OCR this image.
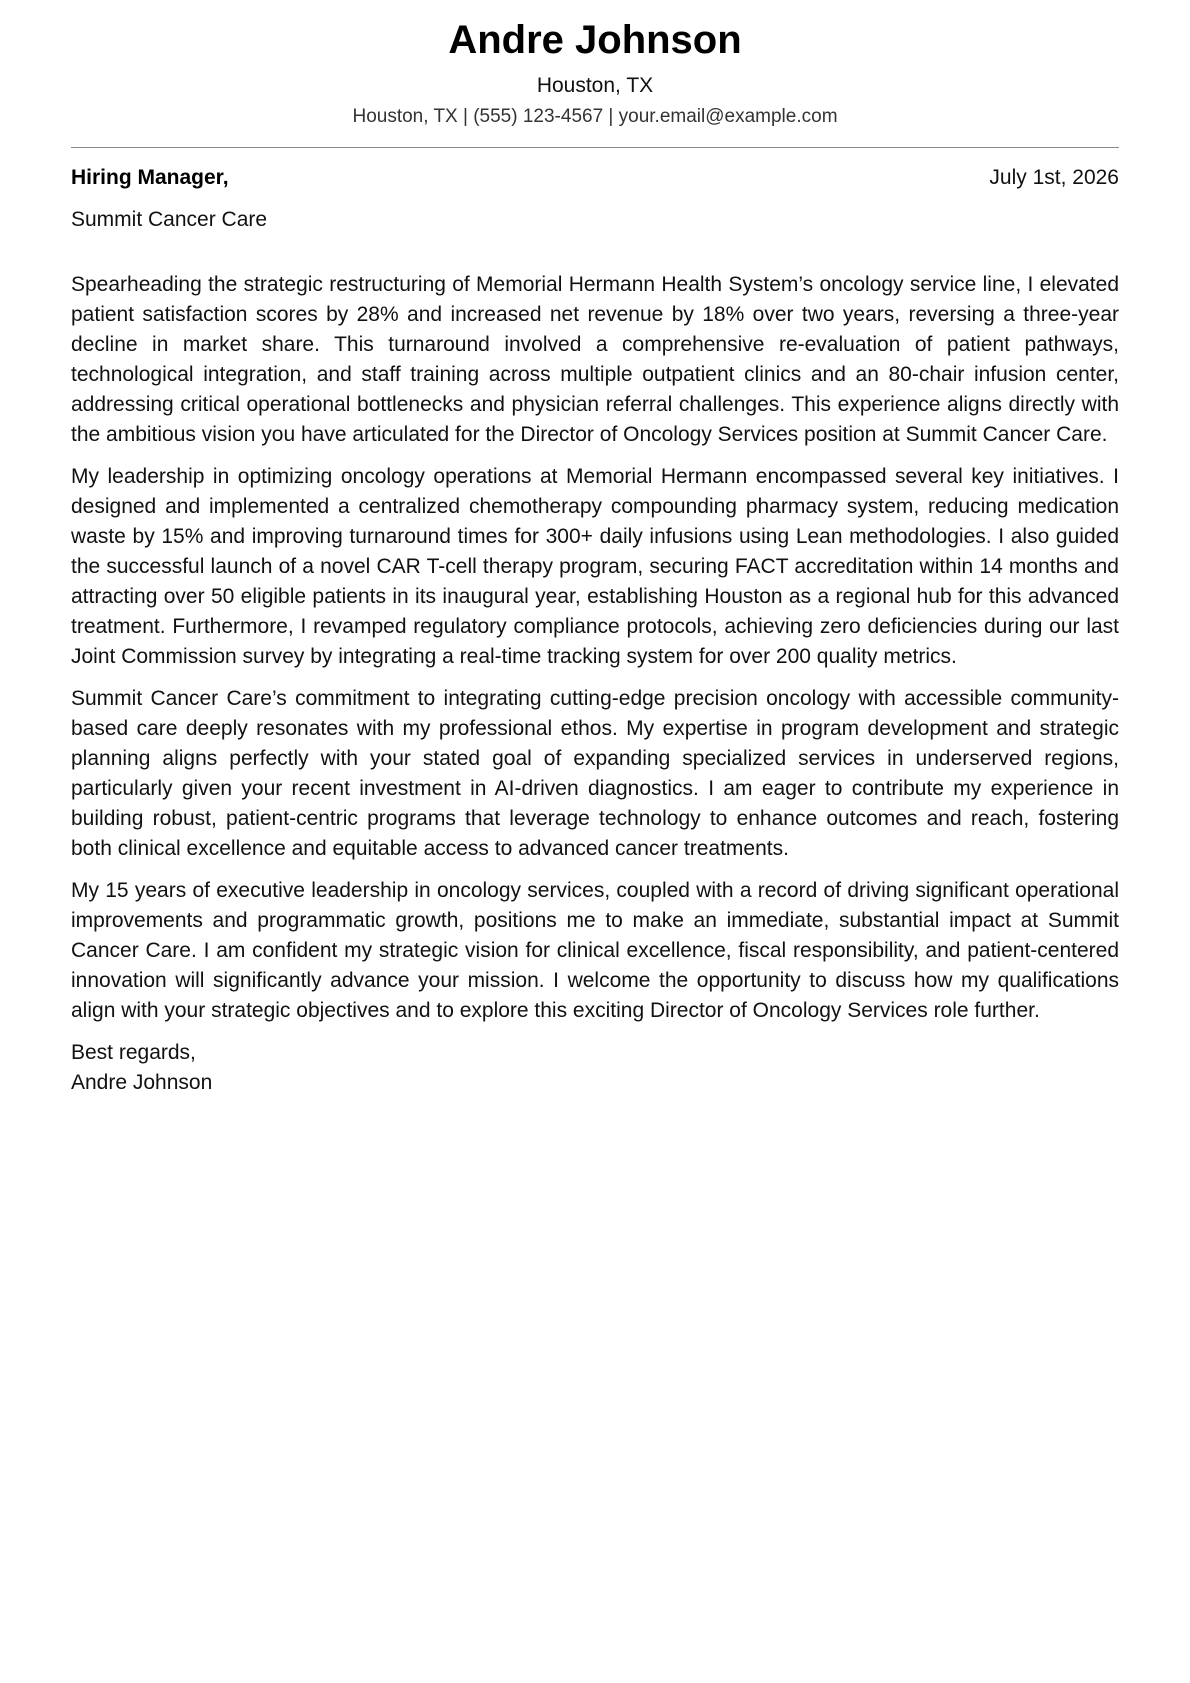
Andre Johnson
Houston, TX
Houston, TX | (555) 123-4567 | your.email@example.com
Hiring Manager,	July 1st, 2026
Summit Cancer Care

Spearheading the strategic restructuring of Memorial Hermann Health System’s oncology service line, I elevated patient satisfaction scores by 28% and increased net revenue by 18% over two years, reversing a three-year decline in market share. This turnaround involved a comprehensive re-evaluation of patient pathways, technological integration, and staff training across multiple outpatient clinics and an 80-chair infusion center, addressing critical operational bottlenecks and physician referral challenges. This experience aligns directly with the ambitious vision you have articulated for the Director of Oncology Services position at Summit Cancer Care.

My leadership in optimizing oncology operations at Memorial Hermann encompassed several key initiatives. I designed and implemented a centralized chemotherapy compounding pharmacy system, reducing medication waste by 15% and improving turnaround times for 300+ daily infusions using Lean methodologies. I also guided the successful launch of a novel CAR T-cell therapy program, securing FACT accreditation within 14 months and attracting over 50 eligible patients in its inaugural year, establishing Houston as a regional hub for this advanced treatment. Furthermore, I revamped regulatory compliance protocols, achieving zero deficiencies during our last Joint Commission survey by integrating a real-time tracking system for over 200 quality metrics.

Summit Cancer Care’s commitment to integrating cutting-edge precision oncology with accessible community-based care deeply resonates with my professional ethos. My expertise in program development and strategic planning aligns perfectly with your stated goal of expanding specialized services in underserved regions, particularly given your recent investment in AI-driven diagnostics. I am eager to contribute my experience in building robust, patient-centric programs that leverage technology to enhance outcomes and reach, fostering both clinical excellence and equitable access to advanced cancer treatments.

My 15 years of executive leadership in oncology services, coupled with a record of driving significant operational improvements and programmatic growth, positions me to make an immediate, substantial impact at Summit Cancer Care. I am confident my strategic vision for clinical excellence, fiscal responsibility, and patient-centered innovation will significantly advance your mission. I welcome the opportunity to discuss how my qualifications align with your strategic objectives and to explore this exciting Director of Oncology Services role further.

Best regards,
Andre Johnson
